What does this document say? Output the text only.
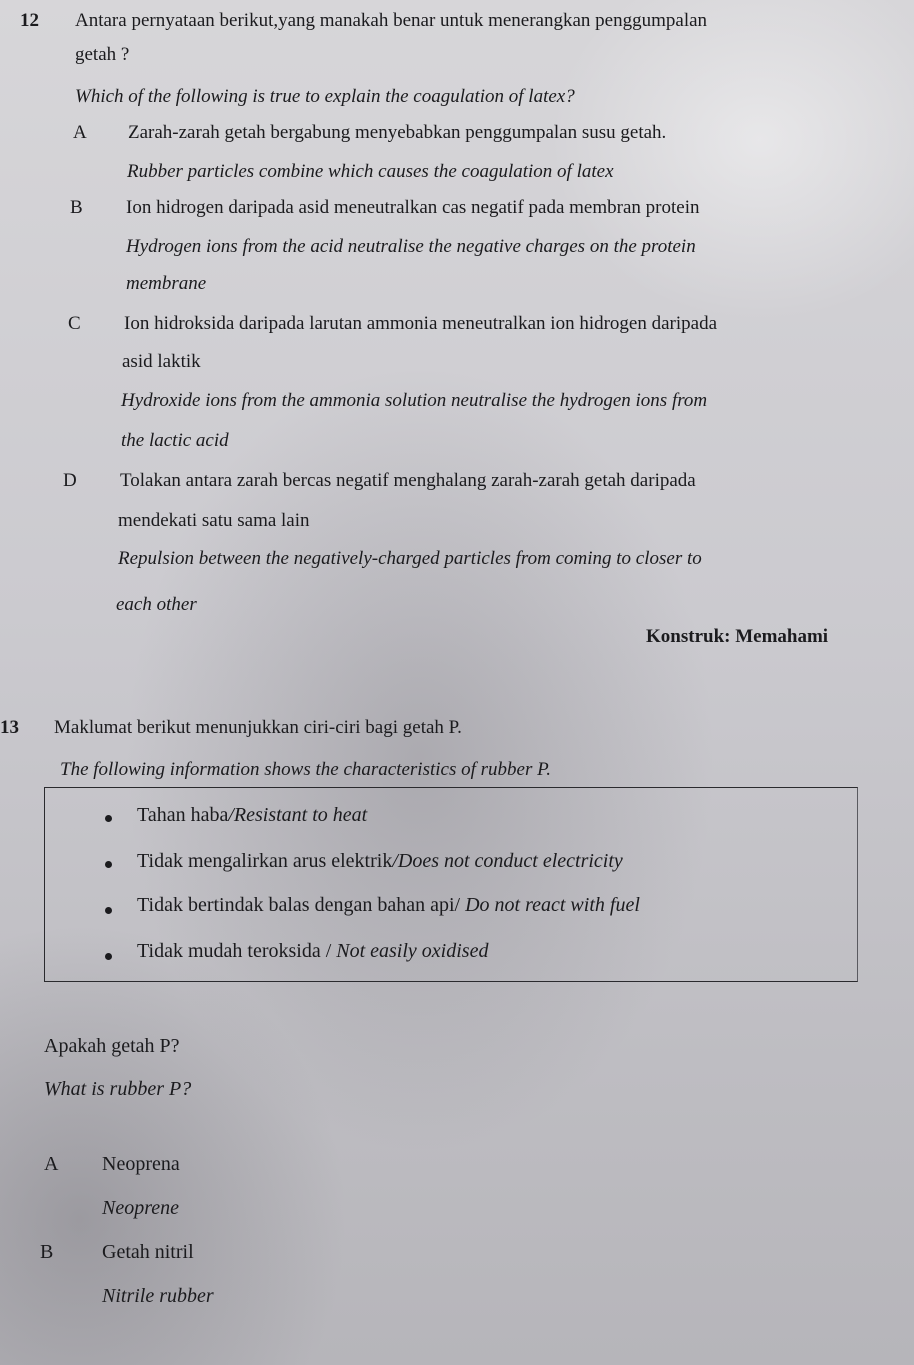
12 Antara pernyataan berikut,yang manakah benar untuk menerangkan penggumpalan
getah ?
Which of the following is true to explain the coagulation of latex?
A Zarah-zarah getah bergabung menyebabkan penggumpalan susu getah.
Rubber particles combine which causes the coagulation of latex
B Ion hidrogen daripada asid meneutralkan cas negatif pada membran protein
Hydrogen ions from the acid neutralise the negative charges on the protein
membrane
C Ion hidroksida daripada larutan ammonia meneutralkan ion hidrogen daripada
asid laktik
Hydroxide ions from the ammonia solution neutralise the hydrogen ions from
the lactic acid
D Tolakan antara zarah bercas negatif menghalang zarah-zarah getah daripada
mendekati satu sama lain
Repulsion between the negatively-charged particles from coming to closer to
each other
Konstruk: Memahami
13 Maklumat berikut menunjukkan ciri-ciri bagi getah P.
The following information shows the characteristics of rubber P.
Tahan haba/Resistant to heat
Tidak mengalirkan arus elektrik/Does not conduct electricity
Tidak bertindak balas dengan bahan api/ Do not react with fuel
Tidak mudah teroksida / Not easily oxidised
Apakah getah P?
What is rubber P?
A Neoprena
Neoprene
B Getah nitril
Nitrile rubber
